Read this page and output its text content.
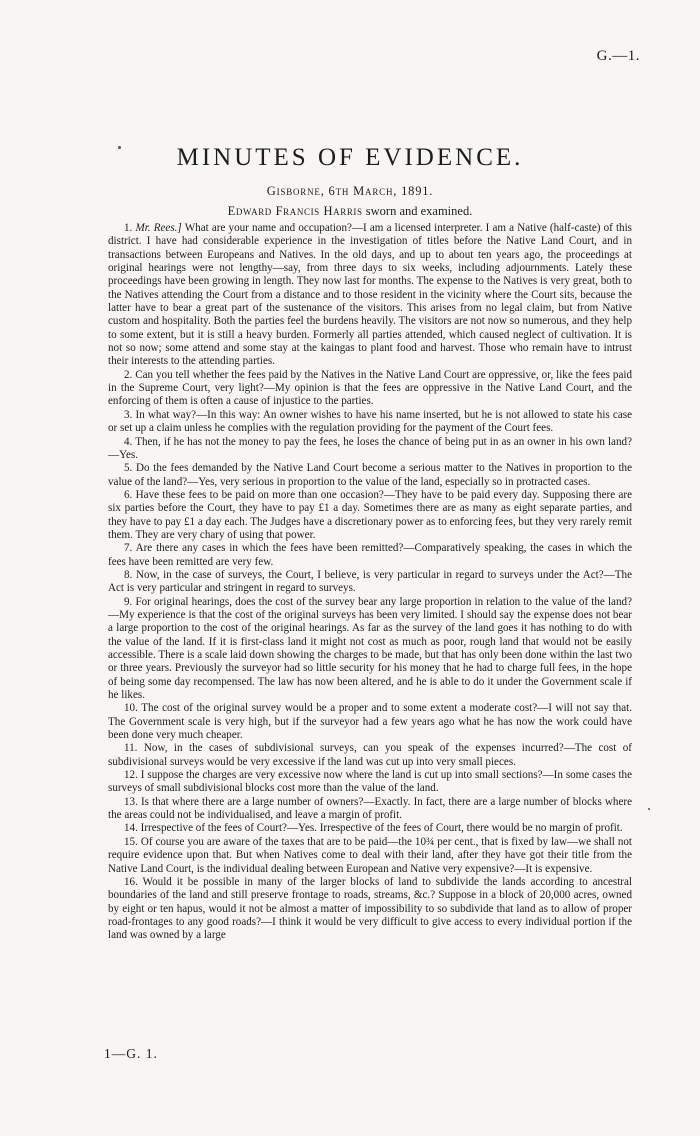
G.—1.
MINUTES OF EVIDENCE.
Gisborne, 6th March, 1891.
Edward Francis Harris sworn and examined.

1. Mr. Rees.] What are your name and occupation?—I am a licensed interpreter. I am a Native (half-caste) of this district. I have had considerable experience in the investigation of titles before the Native Land Court, and in transactions between Europeans and Natives. In the old days, and up to about ten years ago, the proceedings at original hearings were not lengthy—say, from three days to six weeks, including adjournments. Lately these proceedings have been growing in length. They now last for months. The expense to the Natives is very great, both to the Natives attending the Court from a distance and to those resident in the vicinity where the Court sits, because the latter have to bear a great part of the sustenance of the visitors. This arises from no legal claim, but from Native custom and hospitality. Both the parties feel the burdens heavily. The visitors are not now so numerous, and they help to some extent, but it is still a heavy burden. Formerly all parties attended, which caused neglect of cultivation. It is not so now; some attend and some stay at the kaingas to plant food and harvest. Those who remain have to intrust their interests to the attending parties.

2. Can you tell whether the fees paid by the Natives in the Native Land Court are oppressive, or, like the fees paid in the Supreme Court, very light?—My opinion is that the fees are oppressive in the Native Land Court, and the enforcing of them is often a cause of injustice to the parties.

3. In what way?—In this way: An owner wishes to have his name inserted, but he is not allowed to state his case or set up a claim unless he complies with the regulation providing for the payment of the Court fees.

4. Then, if he has not the money to pay the fees, he loses the chance of being put in as an owner in his own land?—Yes.

5. Do the fees demanded by the Native Land Court become a serious matter to the Natives in proportion to the value of the land?—Yes, very serious in proportion to the value of the land, especially so in protracted cases.

6. Have these fees to be paid on more than one occasion?—They have to be paid every day. Supposing there are six parties before the Court, they have to pay £1 a day. Sometimes there are as many as eight separate parties, and they have to pay £1 a day each. The Judges have a discretionary power as to enforcing fees, but they very rarely remit them. They are very chary of using that power.

7. Are there any cases in which the fees have been remitted?—Comparatively speaking, the cases in which the fees have been remitted are very few.

8. Now, in the case of surveys, the Court, I believe, is very particular in regard to surveys under the Act?—The Act is very particular and stringent in regard to surveys.

9. For original hearings, does the cost of the survey bear any large proportion in relation to the value of the land?—My experience is that the cost of the original surveys has been very limited. I should say the expense does not bear a large proportion to the cost of the original hearings. As far as the survey of the land goes it has nothing to do with the value of the land. If it is first-class land it might not cost as much as poor, rough land that would not be easily accessible. There is a scale laid down showing the charges to be made, but that has only been done within the last two or three years. Previously the surveyor had so little security for his money that he had to charge full fees, in the hope of being some day recompensed. The law has now been altered, and he is able to do it under the Government scale if he likes.

10. The cost of the original survey would be a proper and to some extent a moderate cost?—I will not say that. The Government scale is very high, but if the surveyor had a few years ago what he has now the work could have been done very much cheaper.

11. Now, in the cases of subdivisional surveys, can you speak of the expenses incurred?—The cost of subdivisional surveys would be very excessive if the land was cut up into very small pieces.

12. I suppose the charges are very excessive now where the land is cut up into small sections?—In some cases the surveys of small subdivisional blocks cost more than the value of the land.

13. Is that where there are a large number of owners?—Exactly. In fact, there are a large number of blocks where the areas could not be individualised, and leave a margin of profit.

14. Irrespective of the fees of Court?—Yes. Irrespective of the fees of Court, there would be no margin of profit.

15. Of course you are aware of the taxes that are to be paid—the 10¾ per cent., that is fixed by law—we shall not require evidence upon that. But when Natives come to deal with their land, after they have got their title from the Native Land Court, is the individual dealing between European and Native very expensive?—It is expensive.

16. Would it be possible in many of the larger blocks of land to subdivide the lands according to ancestral boundaries of the land and still preserve frontage to roads, streams, &c.? Suppose in a block of 20,000 acres, owned by eight or ten hapus, would it not be almost a matter of impossibility to so subdivide that land as to allow of proper road-frontages to any good roads?—I think it would be very difficult to give access to every individual portion if the land was owned by a large

1—G. 1.
